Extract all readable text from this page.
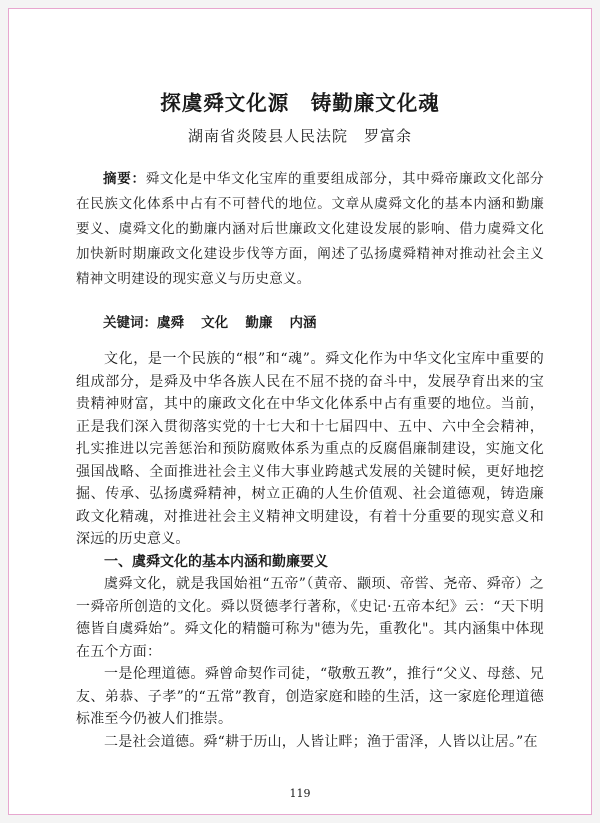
探虞舜文化源　铸勤廉文化魂
湖南省炎陵县人民法院　罗富余
摘要：舜文化是中华文化宝库的重要组成部分，其中舜帝廉政文化部分在民族文化体系中占有不可替代的地位。文章从虞舜文化的基本内涵和勤廉要义、虞舜文化的勤廉内涵对后世廉政文化建设发展的影响、借力虞舜文化加快新时期廉政文化建设步伐等方面，阐述了弘扬虞舜精神对推动社会主义精神文明建设的现实意义与历史意义。
关键词：虞舜 文化 勤廉 内涵

文化，是一个民族的“根”和“魂”。舜文化作为中华文化宝库中重要的组成部分，是舜及中华各族人民在不屈不挠的奋斗中，发展孕育出来的宝贵精神财富，其中的廉政文化在中华文化体系中占有重要的地位。当前，正是我们深入贯彻落实党的十七大和十七届四中、五中、六中全会精神，扎实推进以完善惩治和预防腐败体系为重点的反腐倡廉制建设，实施文化强国战略、全面推进社会主义伟大事业跨越式发展的关键时候，更好地挖掘、传承、弘扬虞舜精神，树立正确的人生价值观、社会道德观，铸造廉政文化精魂，对推进社会主义精神文明建设，有着十分重要的现实意义和深远的历史意义。

一、虞舜文化的基本内涵和勤廉要义

虞舜文化，就是我国始祖“五帝”（黄帝、颛顼、帝喾、尧帝、舜帝）之一舜帝所创造的文化。舜以贤德孝行著称，《史记·五帝本纪》云：“天下明德皆自虞舜始”。舜文化的精髓可称为"德为先，重教化"。其内涵集中体现在五个方面：

一是伦理道德。舜曾命契作司徒，“敬敷五教”，推行“父义、母慈、兄友、弟恭、子孝”的“五常”教育，创造家庭和睦的生活，这一家庭伦理道德标准至今仍被人们推崇。

二是社会道德。舜“耕于历山，人皆让畔；渔于雷泽，人皆以让居。”在

119
